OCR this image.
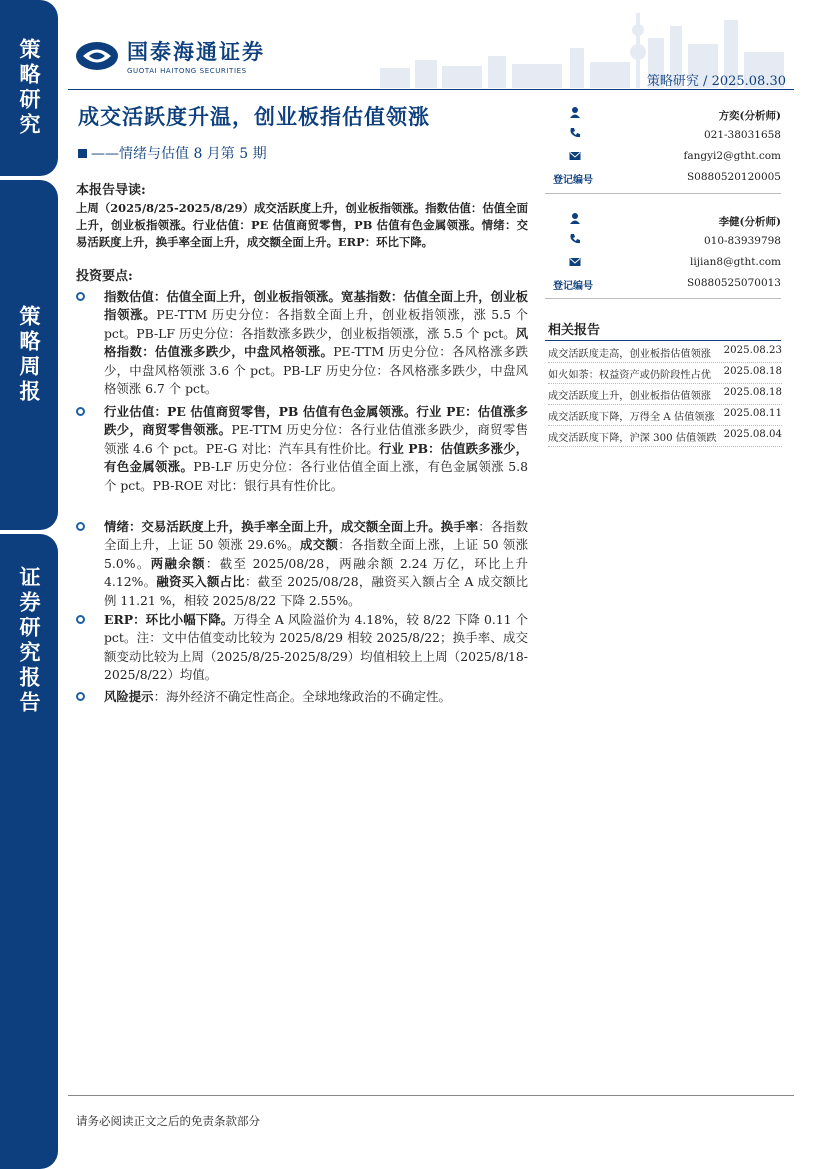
策略研究
策略周报
证券研究报告
国泰海通证券
GUOTAI HAITONG SECURITIES
策略研究 / 2025.08.30
成交活跃度升温，创业板指估值领涨
——情绪与估值 8 月第 5 期
本报告导读:
上周（2025/8/25-2025/8/29）成交活跃度上升，创业板指领涨。指数估值：估值全面上升，创业板指领涨。行业估值：PE 估值商贸零售，PB 估值有色金属领涨。情绪：交易活跃度上升，换手率全面上升，成交额全面上升。ERP：环比下降。
投资要点:

指数估值：估值全面上升，创业板指领涨。宽基指数：估值全面上升，创业板指领涨。PE-TTM 历史分位：各指数全面上升，创业板指领涨，涨 5.5 个 pct。PB-LF 历史分位：各指数涨多跌少，创业板指领涨，涨 5.5 个 pct。风格指数：估值涨多跌少，中盘风格领涨。PE-TTM 历史分位：各风格涨多跌少，中盘风格领涨 3.6 个 pct。PB-LF 历史分位：各风格涨多跌少，中盘风格领涨 6.7 个 pct。

行业估值：PE 估值商贸零售，PB 估值有色金属领涨。行业 PE：估值涨多跌少，商贸零售领涨。PE-TTM 历史分位：各行业估值涨多跌少，商贸零售领涨 4.6 个 pct。PE-G 对比：汽车具有性价比。行业 PB：估值跌多涨少，有色金属领涨。PB-LF 历史分位：各行业估值全面上涨，有色金属领涨 5.8 个 pct。PB-ROE 对比：银行具有性价比。

情绪：交易活跃度上升，换手率全面上升，成交额全面上升。换手率：各指数全面上升，上证 50 领涨 29.6%。成交额：各指数全面上涨，上证 50 领涨 5.0%。两融余额：截至 2025/08/28，两融余额 2.24 万亿，环比上升 4.12%。融资买入额占比：截至 2025/08/28，融资买入额占全 A 成交额比例 11.21 %，相较 2025/8/22 下降 2.55%。

ERP：环比小幅下降。万得全 A 风险溢价为 4.18%，较 8/22 下降 0.11 个 pct。注：文中估值变动比较为 2025/8/29 相较 2025/8/22；换手率、成交额变动比较为上周（2025/8/25-2025/8/29）均值相较上上周（2025/8/18-2025/8/22）均值。

风险提示：海外经济不确定性高企。全球地缘政治的不确定性。

方奕(分析师)
021-38031658
fangyi2@gtht.com
登记编号	S0880520120005
李健(分析师)
010-83939798
lijian8@gtht.com
登记编号	S0880525070013
相关报告
成交活跃度走高，创业板指估值领涨 2025.08.23
如火如荼：权益资产或仍阶段性占优 2025.08.18
成交活跃度上升，创业板指估值领涨 2025.08.18
成交活跃度下降，万得全 A 估值领涨 2025.08.11
成交活跃度下降，沪深 300 估值领跌 2025.08.04
请务必阅读正文之后的免责条款部分
